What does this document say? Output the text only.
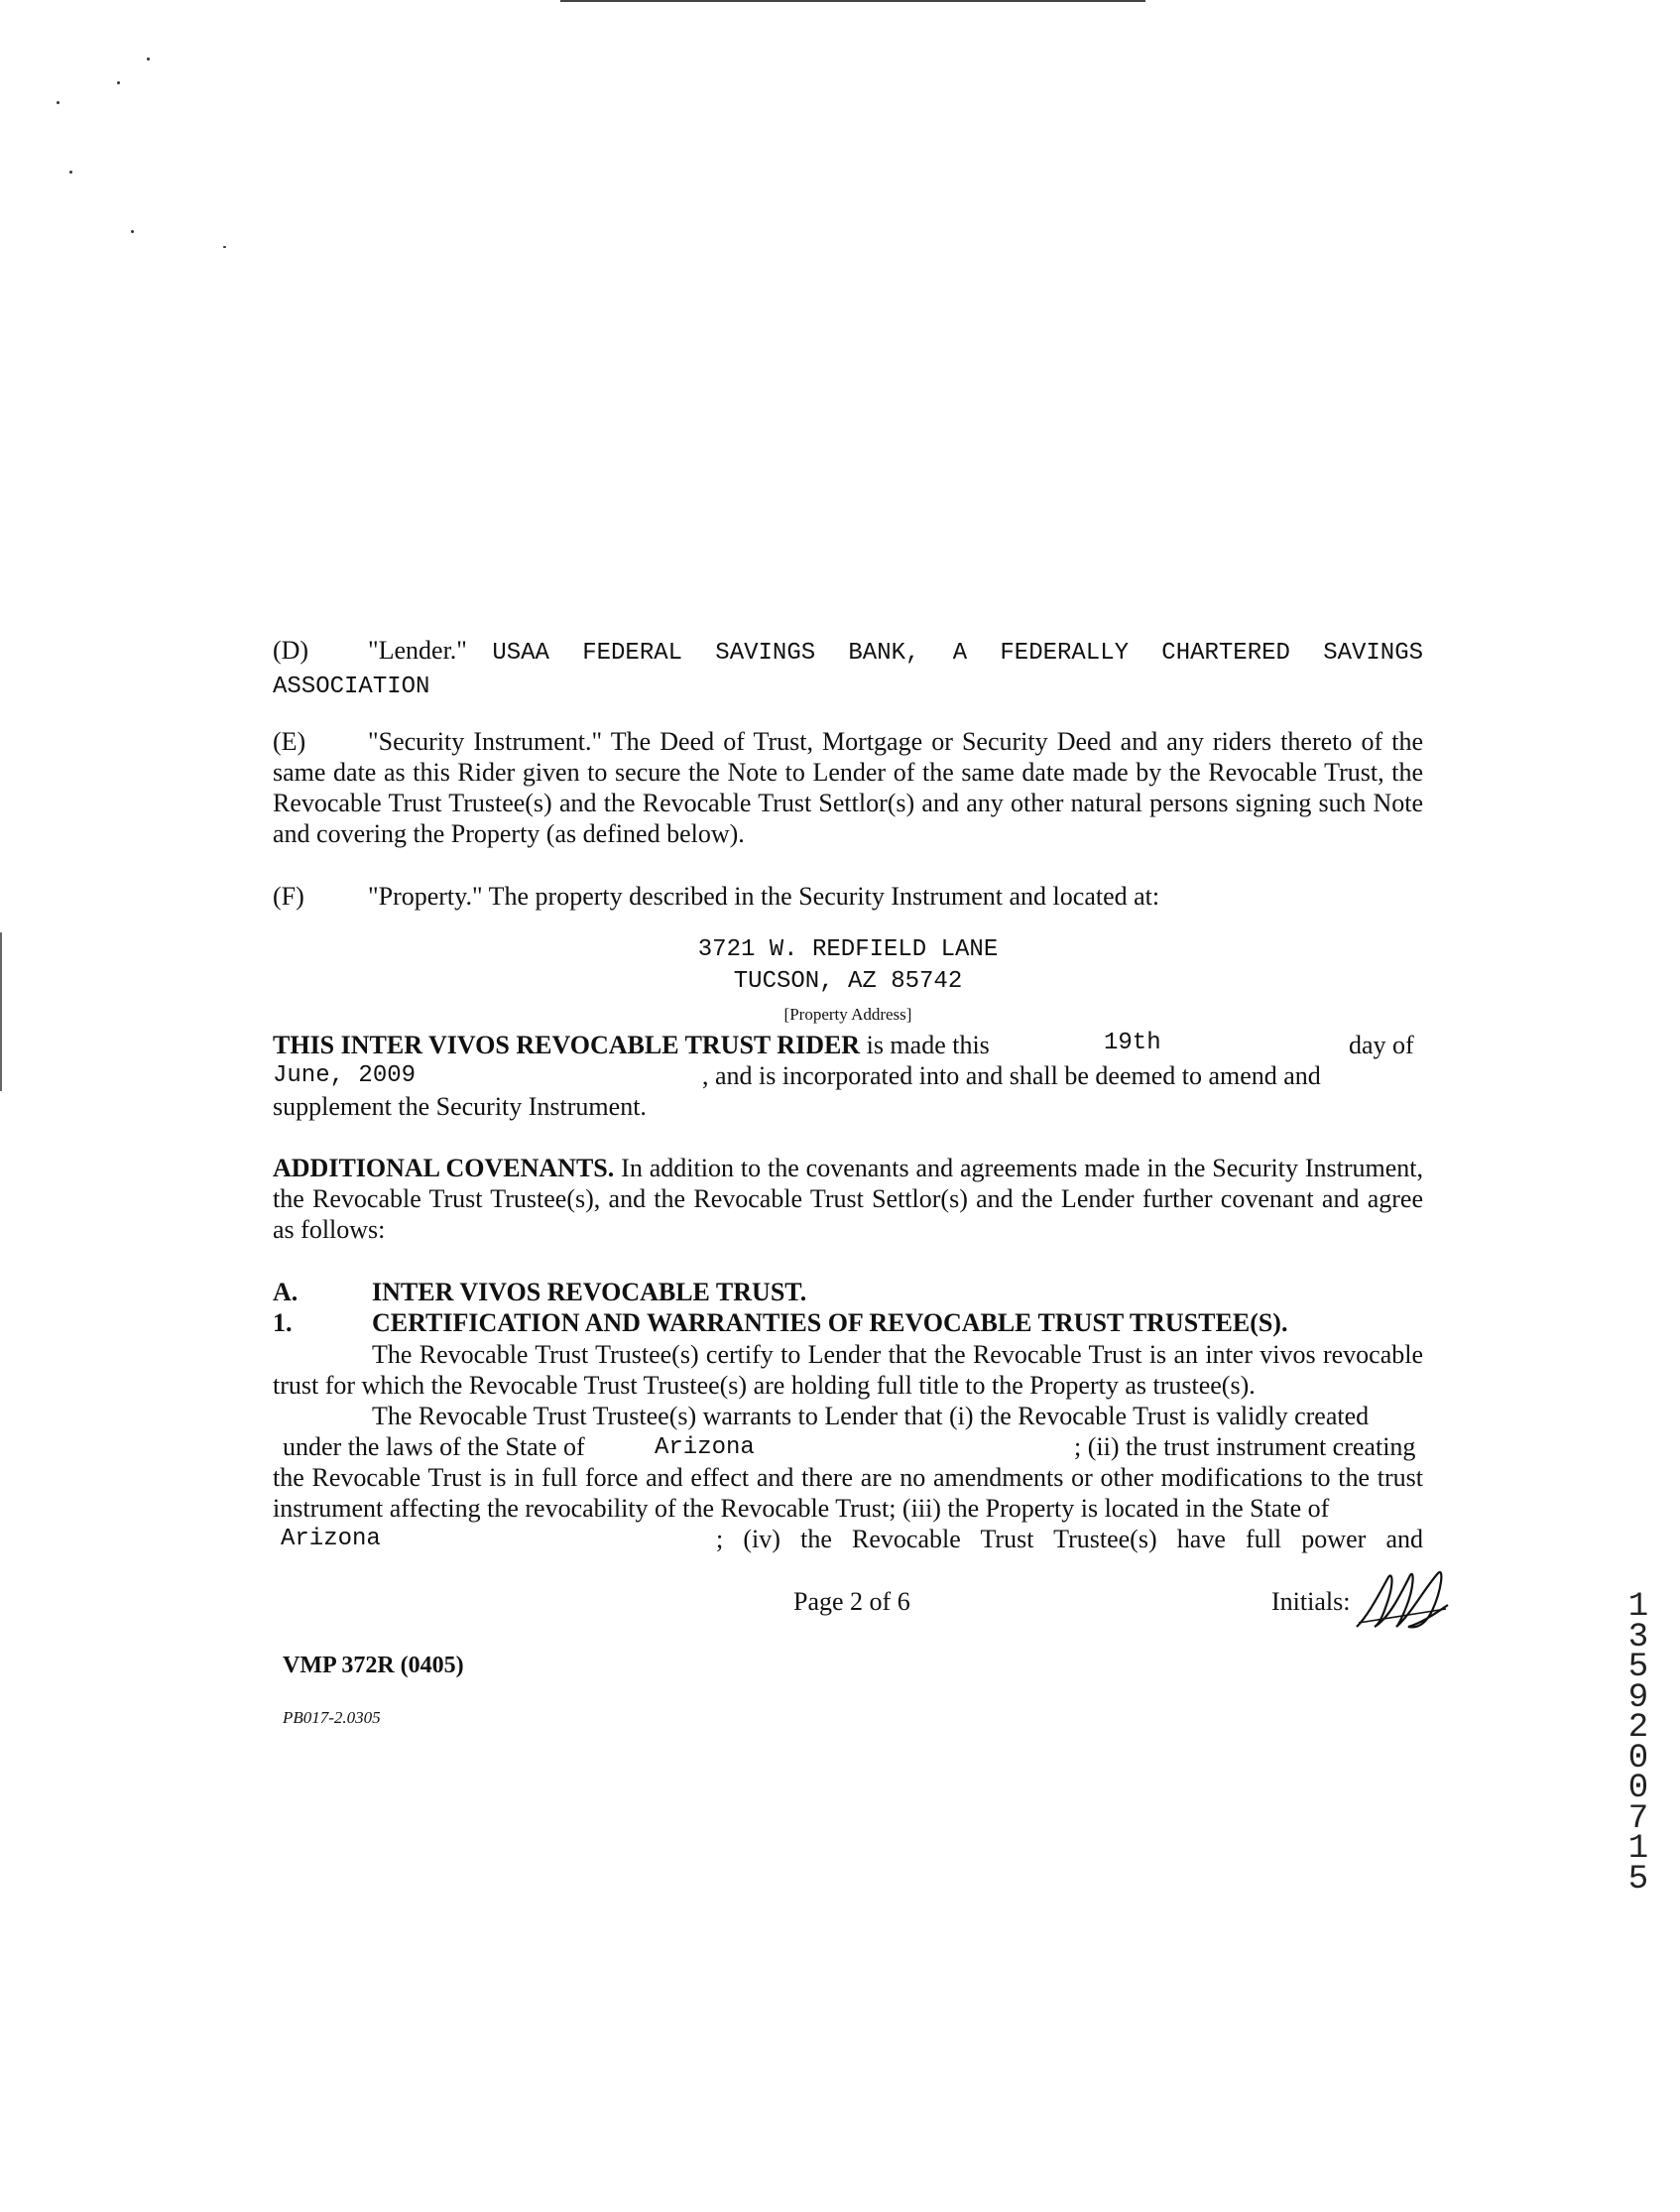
(D) "Lender." USAA FEDERAL SAVINGS BANK, A FEDERALLY CHARTERED SAVINGS ASSOCIATION

(E) "Security Instrument." The Deed of Trust, Mortgage or Security Deed and any riders thereto of the same date as this Rider given to secure the Note to Lender of the same date made by the Revocable Trust, the Revocable Trust Trustee(s) and the Revocable Trust Settlor(s) and any other natural persons signing such Note and covering the Property (as defined below).

(F) "Property." The property described in the Security Instrument and located at:

3721 W. REDFIELD LANE

TUCSON, AZ 85742

[Property Address]

THIS INTER VIVOS REVOCABLE TRUST RIDER is made this	19th	day of
June, 2009	, and is incorporated into and shall be deemed to amend and

supplement the Security Instrument.

ADDITIONAL COVENANTS. In addition to the covenants and agreements made in the Security Instrument, the Revocable Trust Trustee(s), and the Revocable Trust Settlor(s) and the Lender further covenant and agree as follows:

A.	INTER VIVOS REVOCABLE TRUST.

1.	CERTIFICATION AND WARRANTIES OF REVOCABLE TRUST TRUSTEE(S).

The Revocable Trust Trustee(s) certify to Lender that the Revocable Trust is an inter vivos revocable trust for which the Revocable Trust Trustee(s) are holding full title to the Property as trustee(s).

The Revocable Trust Trustee(s) warrants to Lender that (i) the Revocable Trust is validly created

under the laws of the State of	Arizona	; (ii) the trust instrument creating

the Revocable Trust is in full force and effect and there are no amendments or other modifications to the trust instrument affecting the revocability of the Revocable Trust; (iii) the Property is located in the State of

Arizona	; (iv) the Revocable Trust Trustee(s) have full power and
Page 2 of 6	Initials:
VMP 372R (0405)
PB017-2.0305
1
3
5
9
2
0
0
7
1
5
